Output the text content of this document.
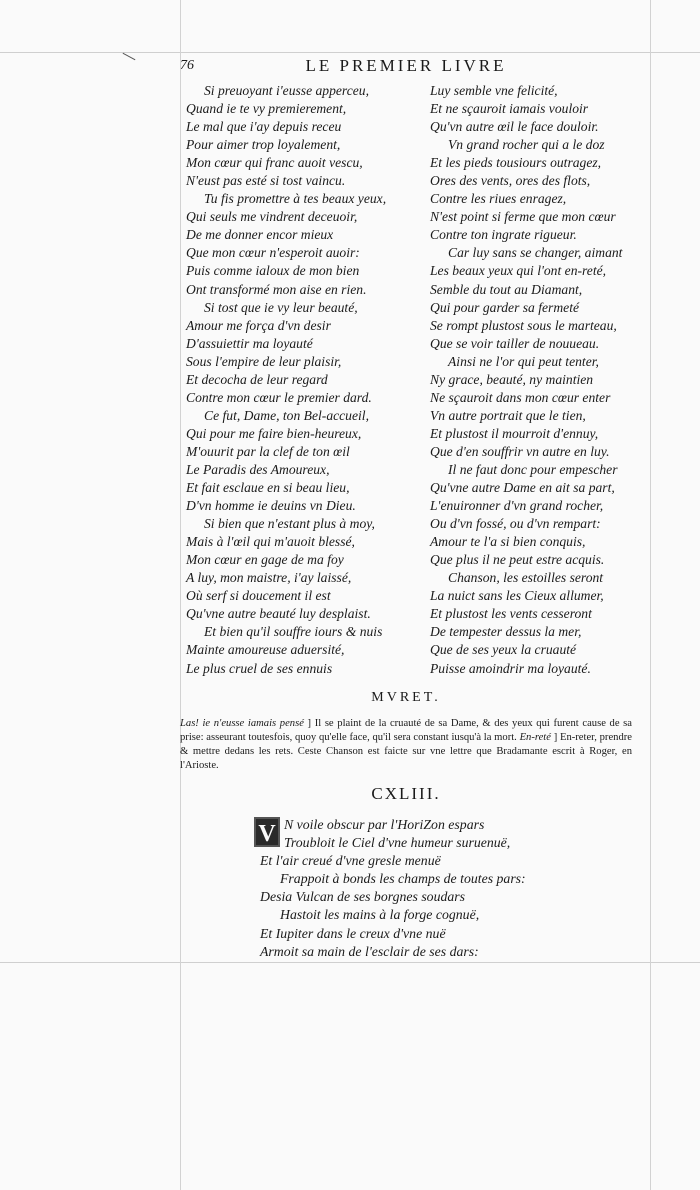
76	LE PREMIER LIVRE
Si preuoyant i'eusse apperceu,
Quand ie te vy premierement,
Le mal que i'ay depuis receu
Pour aimer trop loyalement,
Mon cœur qui franc auoit vescu,
N'eust pas esté si tost vaincu.
Tu fis promettre à tes beaux yeux,
Qui seuls me vindrent deceuoir,
De me donner encor mieux
Que mon cœur n'esperoit auoir:
Puis comme ialoux de mon bien
Ont transformé mon aise en rien.
Si tost que ie vy leur beauté,
Amour me força d'vn desir
D'assuiettir ma loyauté
Sous l'empire de leur plaisir,
Et decocha de leur regard
Contre mon cœur le premier dard.
Ce fut, Dame, ton Bel-accueil,
Qui pour me faire bien-heureux,
M'ouurit par la clef de ton œil
Le Paradis des Amoureux,
Et fait esclaue en si beau lieu,
D'vn homme ie deuins vn Dieu.
Si bien que n'estant plus à moy,
Mais à l'œil qui m'auoit blessé,
Mon cœur en gage de ma foy
A luy, mon maistre, i'ay laissé,
Où serf si doucement il est
Qu'vne autre beauté luy desplaist.
Et bien qu'il souffre iours & nuis
Mainte amoureuse aduersité,
Le plus cruel de ses ennuis
Luy semble vne felicité,
Et ne sçauroit iamais vouloir
Qu'vn autre œil le face douloir.
Vn grand rocher qui a le doz
Et les pieds tousiours outragez,
Ores des vents, ores des flots,
Contre les riues enragez,
N'est point si ferme que mon cœur
Contre ton ingrate rigueur.
Car luy sans se changer, aimant
Les beaux yeux qui l'ont en-reté,
Semble du tout au Diamant,
Qui pour garder sa fermeté
Se rompt plustost sous le marteau,
Que se voir tailler de nouueau.
Ainsi ne l'or qui peut tenter,
Ny grace, beauté, ny maintien
Ne sçauroit dans mon cœur enter
Vn autre portrait que le tien,
Et plustost il mourroit d'ennuy,
Que d'en souffrir vn autre en luy.
Il ne faut donc pour empescher
Qu'vne autre Dame en ait sa part,
L'enuironner d'vn grand rocher,
Ou d'vn fossé, ou d'vn rempart:
Amour te l'a si bien conquis,
Que plus il ne peut estre acquis.
Chanson, les estoilles seront
La nuict sans les Cieux allumer,
Et plustost les vents cesseront
De tempester dessus la mer,
Que de ses yeux la cruauté
Puisse amoindrir ma loyauté.
MVRET.
Las! ie n'eusse iamais pensé ] Il se plaint de la cruauté de sa Dame, & des yeux qui furent cause de sa prise: asseurant toutesfois, quoy qu'elle face, qu'il sera constant iusqu'à la mort. En-reté ] En-reter, prendre & mettre dedans les rets. Ceste Chanson est faicte sur vne lettre que Bradamante escrit à Roger, en l'Arioste.
CXLIII.
V N voile obscur par l'HoriZon espars
Troubloit le Ciel d'vne humeur suruenuë,
Et l'air creué d'vne gresle menuë
Frappoit à bonds les champs de toutes pars:
Desia Vulcan de ses borgnes soudars
Hastoit les mains à la forge cognuë,
Et Iupiter dans le creux d'vne nuë
Armoit sa main de l'esclair de ses dars:
